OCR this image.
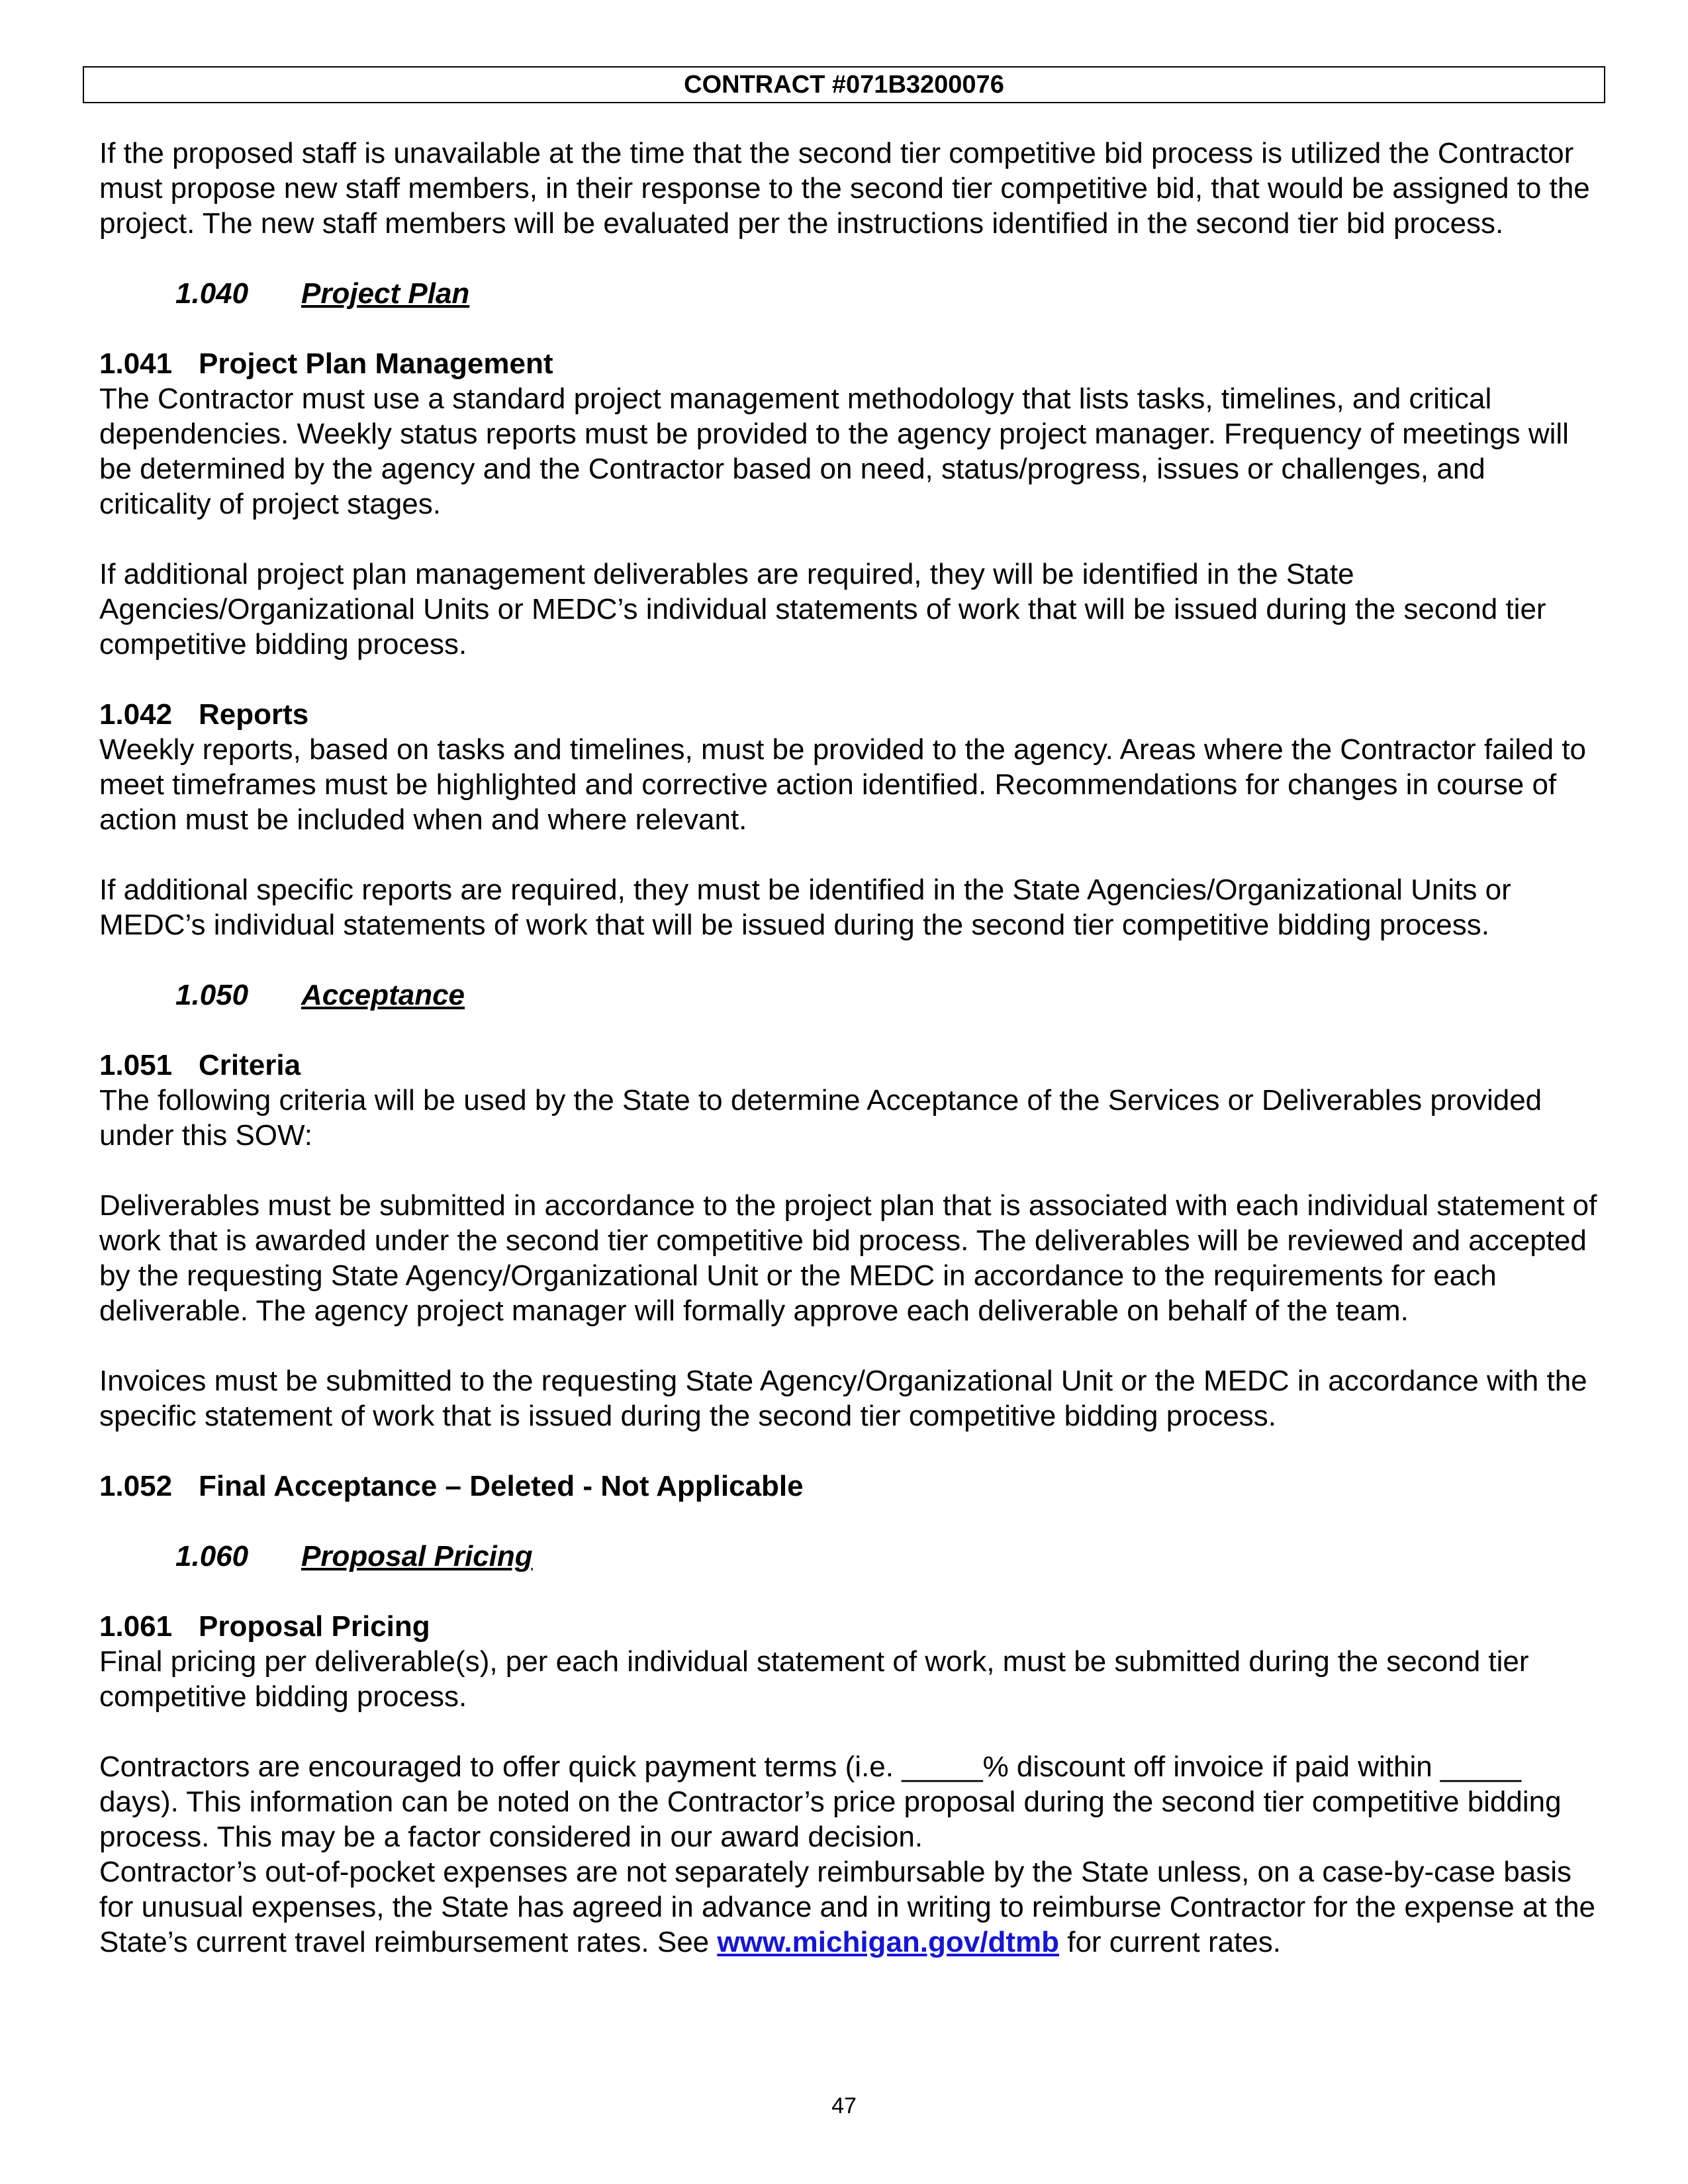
CONTRACT #071B3200076

If the proposed staff is unavailable at the time that the second tier competitive bid process is utilized the Contractor must propose new staff members, in their response to the second tier competitive bid, that would be assigned to the project. The new staff members will be evaluated per the instructions identified in the second tier bid process.

1.040 Project Plan
1.041 Project Plan Management

The Contractor must use a standard project management methodology that lists tasks, timelines, and critical dependencies. Weekly status reports must be provided to the agency project manager. Frequency of meetings will be determined by the agency and the Contractor based on need, status/progress, issues or challenges, and criticality of project stages.

If additional project plan management deliverables are required, they will be identified in the State Agencies/Organizational Units or MEDC’s individual statements of work that will be issued during the second tier competitive bidding process.

1.042 Reports

Weekly reports, based on tasks and timelines, must be provided to the agency. Areas where the Contractor failed to meet timeframes must be highlighted and corrective action identified. Recommendations for changes in course of action must be included when and where relevant.

If additional specific reports are required, they must be identified in the State Agencies/Organizational Units or MEDC’s individual statements of work that will be issued during the second tier competitive bidding process.

1.050 Acceptance
1.051 Criteria

The following criteria will be used by the State to determine Acceptance of the Services or Deliverables provided under this SOW:

Deliverables must be submitted in accordance to the project plan that is associated with each individual statement of work that is awarded under the second tier competitive bid process. The deliverables will be reviewed and accepted by the requesting State Agency/Organizational Unit or the MEDC in accordance to the requirements for each deliverable. The agency project manager will formally approve each deliverable on behalf of the team.

Invoices must be submitted to the requesting State Agency/Organizational Unit or the MEDC in accordance with the specific statement of work that is issued during the second tier competitive bidding process.

1.052 Final Acceptance – Deleted - Not Applicable
1.060 Proposal Pricing
1.061 Proposal Pricing

Final pricing per deliverable(s), per each individual statement of work, must be submitted during the second tier competitive bidding process.

Contractors are encouraged to offer quick payment terms (i.e. _____% discount off invoice if paid within _____ days). This information can be noted on the Contractor’s price proposal during the second tier competitive bidding process. This may be a factor considered in our award decision.

Contractor’s out-of-pocket expenses are not separately reimbursable by the State unless, on a case-by-case basis for unusual expenses, the State has agreed in advance and in writing to reimburse Contractor for the expense at the State’s current travel reimbursement rates. See www.michigan.gov/dtmb for current rates.

47
